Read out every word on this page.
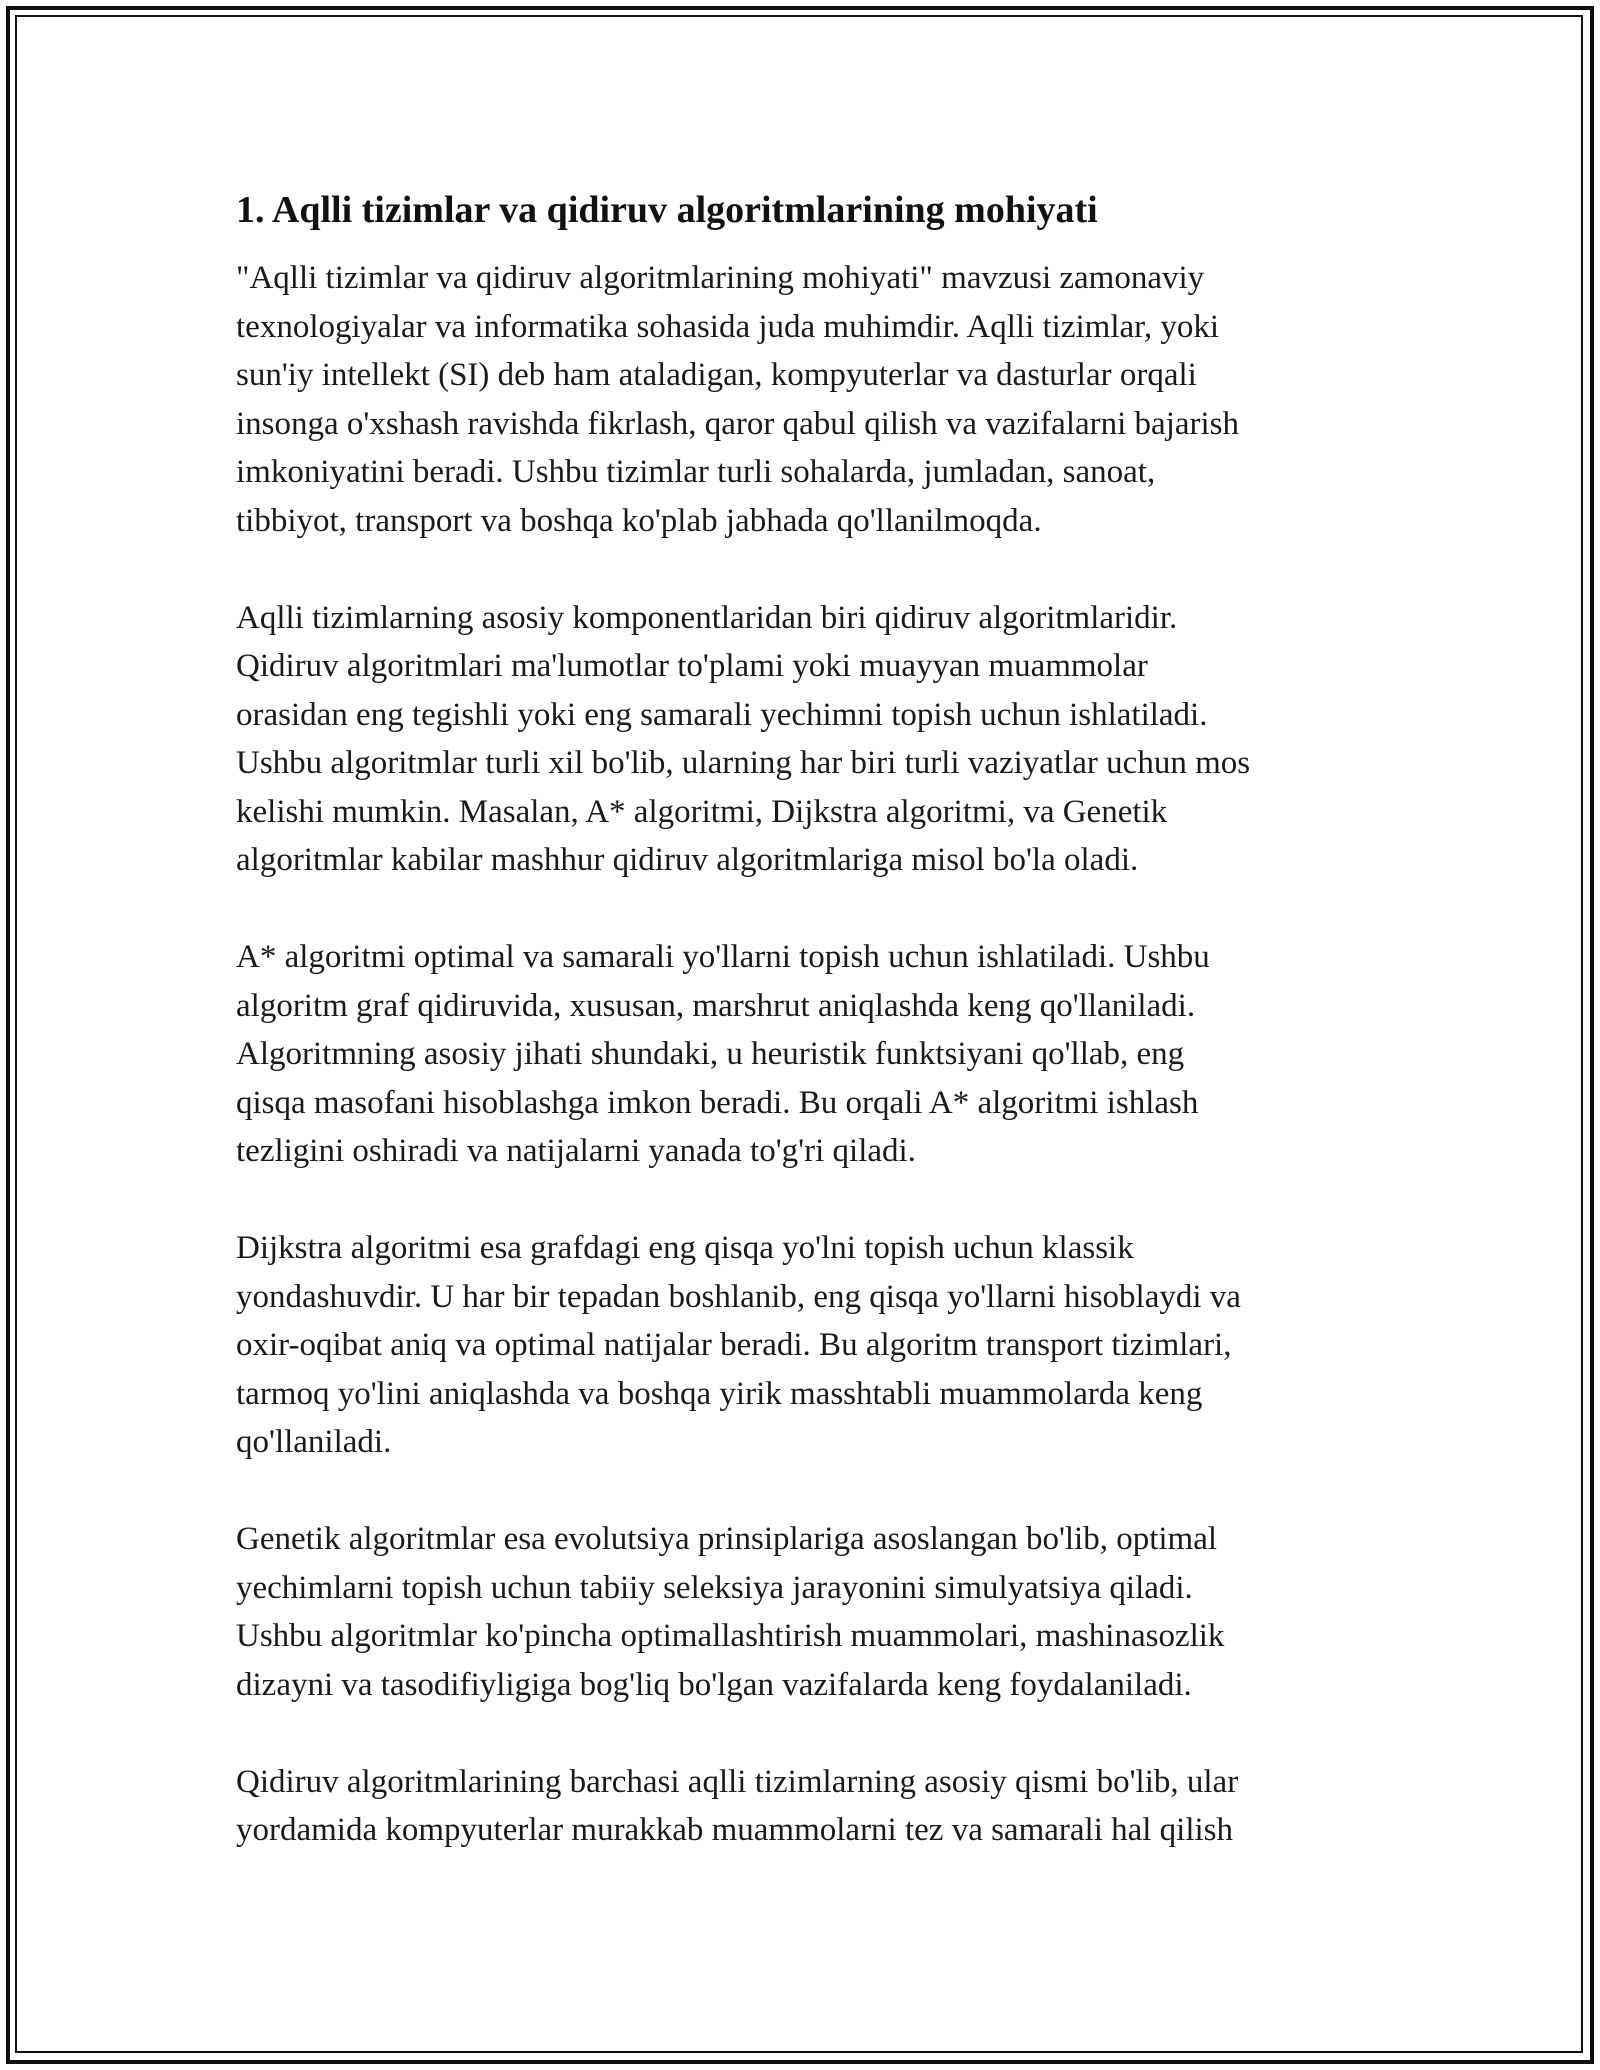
1. Aqlli tizimlar va qidiruv algoritmlarining mohiyati

"Aqlli tizimlar va qidiruv algoritmlarining mohiyati" mavzusi zamonaviy
texnologiyalar va informatika sohasida juda muhimdir. Aqlli tizimlar, yoki
sun'iy intellekt (SI) deb ham ataladigan, kompyuterlar va dasturlar orqali
insonga o'xshash ravishda fikrlash, qaror qabul qilish va vazifalarni bajarish
imkoniyatini beradi. Ushbu tizimlar turli sohalarda, jumladan, sanoat,
tibbiyot, transport va boshqa ko'plab jabhada qo'llanilmoqda.

Aqlli tizimlarning asosiy komponentlaridan biri qidiruv algoritmlaridir.
Qidiruv algoritmlari ma'lumotlar to'plami yoki muayyan muammolar
orasidan eng tegishli yoki eng samarali yechimni topish uchun ishlatiladi.
Ushbu algoritmlar turli xil bo'lib, ularning har biri turli vaziyatlar uchun mos
kelishi mumkin. Masalan, A* algoritmi, Dijkstra algoritmi, va Genetik
algoritmlar kabilar mashhur qidiruv algoritmlariga misol bo'la oladi.

A* algoritmi optimal va samarali yo'llarni topish uchun ishlatiladi. Ushbu
algoritm graf qidiruvida, xususan, marshrut aniqlashda keng qo'llaniladi.
Algoritmning asosiy jihati shundaki, u heuristik funktsiyani qo'llab, eng
qisqa masofani hisoblashga imkon beradi. Bu orqali A* algoritmi ishlash
tezligini oshiradi va natijalarni yanada to'g'ri qiladi.

Dijkstra algoritmi esa grafdagi eng qisqa yo'lni topish uchun klassik
yondashuvdir. U har bir tepadan boshlanib, eng qisqa yo'llarni hisoblaydi va
oxir-oqibat aniq va optimal natijalar beradi. Bu algoritm transport tizimlari,
tarmoq yo'lini aniqlashda va boshqa yirik masshtabli muammolarda keng
qo'llaniladi.

Genetik algoritmlar esa evolutsiya prinsiplariga asoslangan bo'lib, optimal
yechimlarni topish uchun tabiiy seleksiya jarayonini simulyatsiya qiladi.
Ushbu algoritmlar ko'pincha optimallashtirish muammolari, mashinasozlik
dizayni va tasodifiyligiga bog'liq bo'lgan vazifalarda keng foydalaniladi.

Qidiruv algoritmlarining barchasi aqlli tizimlarning asosiy qismi bo'lib, ular
yordamida kompyuterlar murakkab muammolarni tez va samarali hal qilish
